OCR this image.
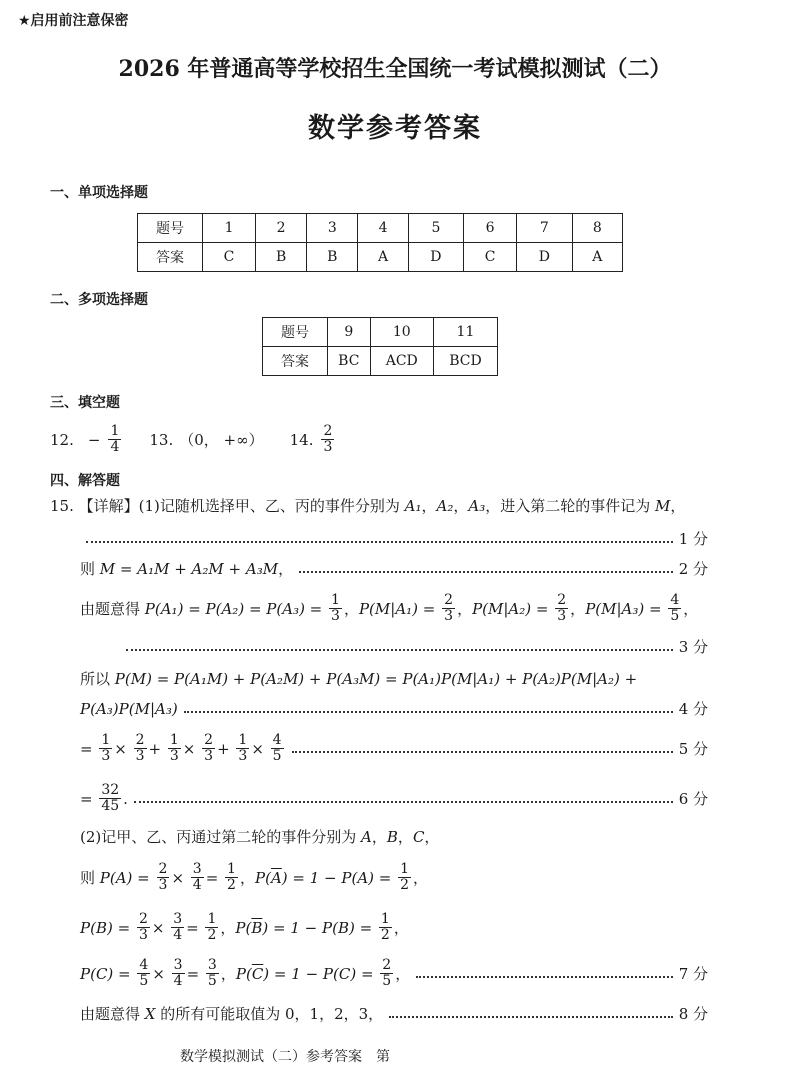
★启用前注意保密
2026 年普通高等学校招生全国统一考试模拟测试（二）
数学参考答案
一、单项选择题
题号	1	2	3	4	5	6	7	8
答案	C	B	B	A	D	C	D	A
二、多项选择题
题号	9	10	11
答案	BC	ACD	BCD
三、填空题
12. − $\frac{1}{4} 13$. （0， +∞） 14. $\frac{2}{3}$
四、解答题
15. 【详解】(1)记随机选择甲、乙、丙的事件分别为 A₁ ， A₂ ， A₃ ，进入第二轮的事件记为 M ，
1 分
则 M = A₁M + A₂M + A₃M ，	2 分
由题意得 $P(A_1) = P(A_2) = P(A_3) = \frac{1}{3}$ ， $P(M|A_1) = \frac{2}{3}$ ， $P(M|A_2) = \frac{2}{3}$ ， $P(M|A_3) = \frac{4}{5}$ ，
3 分
所以 P(M) = P(A₁M) + P(A₂M) + P(A₃M) = P(A₁)P(M|A₁) + P(A₂)P(M|A₂) +
P(A₃)P(M|A₃)	4 分
= $\frac{1}{3} \times \frac{2}{3} + \frac{1}{3} \times \frac{2}{3} + \frac{1}{3} \times \frac{4}{5}$	5 分
= $\frac{32}{45}$ .	6 分
(2)记甲、乙、丙通过第二轮的事件分别为 A ， B ， C ，
则 $P(A) = \frac{2}{3} \times \frac{3}{4} = \frac{1}{2}$ ， P( $\overline{A}$ ) = $1 - P(A) = \frac{1}{2}$ ，
$P(B) = \frac{2}{3} \times \frac{3}{4} = \frac{1}{2}$ ， P( $\overline{B}$ ) = $1 - P(B) = \frac{1}{2}$ ，
$P(C) = \frac{4}{5} \times \frac{3}{4} = \frac{3}{5}$ ， P( $\overline{C}$ ) = $1 - P(C) = \frac{2}{5}$ ，	7 分
由题意得 X 的所有可能取值为 0，1，2，3，	8 分
数学模拟测试（二）参考答案　第
